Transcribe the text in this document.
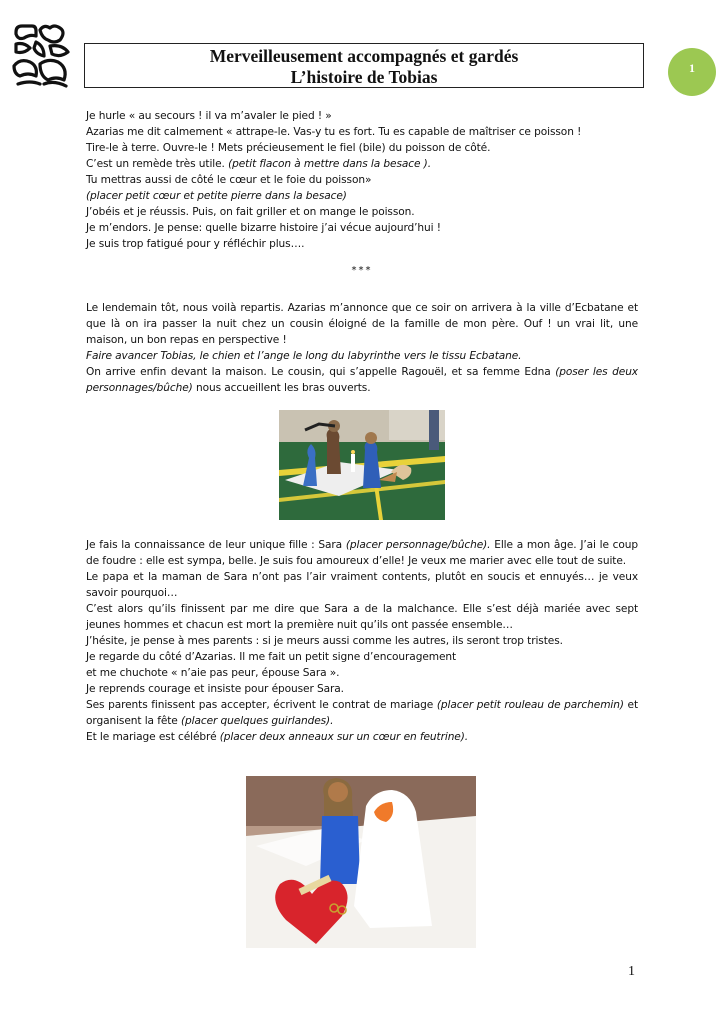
Merveilleusement accompagnés et gardés
L’histoire de Tobias	1

Je hurle « au secours ! il va m’avaler le pied ! »

Azarias me dit calmement « attrape-le. Vas-y tu es fort. Tu es capable de maîtriser ce poisson !

Tire-le à terre. Ouvre-le ! Mets précieusement le fiel (bile) du poisson de côté.

C’est un remède très utile. (petit flacon à mettre dans la besace ).

Tu mettras aussi de côté le cœur et le foie du poisson»

(placer petit cœur et petite pierre dans la besace)

J’obéis et je réussis. Puis, on fait griller et on mange le poisson.

Je m’endors. Je pense: quelle bizarre histoire j’ai vécue aujourd’hui !

Je suis trop fatigué pour y réfléchir plus….

***

Le lendemain tôt, nous voilà repartis. Azarias m’annonce que ce soir on arrivera à la ville d’Ecbatane et que là on ira passer la nuit chez un cousin éloigné de la famille de mon père. Ouf ! un vrai lit, une maison, un bon repas en perspective !

Faire avancer Tobias, le chien et l’ange le long du labyrinthe vers le tissu Ecbatane.

On arrive enfin devant la maison. Le cousin, qui s’appelle Ragouël, et sa femme Edna (poser les deux personnages/bûche) nous accueillent les bras ouverts.

Je fais la connaissance de leur unique fille : Sara (placer personnage/bûche). Elle a mon âge. J’ai le coup de foudre : elle est sympa, belle. Je suis fou amoureux d’elle! Je veux me marier avec elle tout de suite.

Le papa et la maman de Sara n’ont pas l’air vraiment contents, plutôt en soucis et ennuyés… je veux savoir pourquoi…

C’est alors qu’ils finissent par me dire que Sara a de la malchance. Elle s’est déjà mariée avec sept jeunes hommes et chacun est mort la première nuit qu’ils ont passée ensemble…

J’hésite, je pense à mes parents : si je meurs aussi comme les autres, ils seront trop tristes.

Je regarde du côté d’Azarias. Il me fait un petit signe d’encouragement

et me chuchote « n’aie pas peur, épouse Sara ».

Je reprends courage et insiste pour épouser Sara.

Ses parents finissent pas accepter, écrivent le contrat de mariage (placer petit rouleau de parchemin) et organisent la fête (placer quelques guirlandes).

Et le mariage est célébré (placer deux anneaux sur un cœur en feutrine).

1
